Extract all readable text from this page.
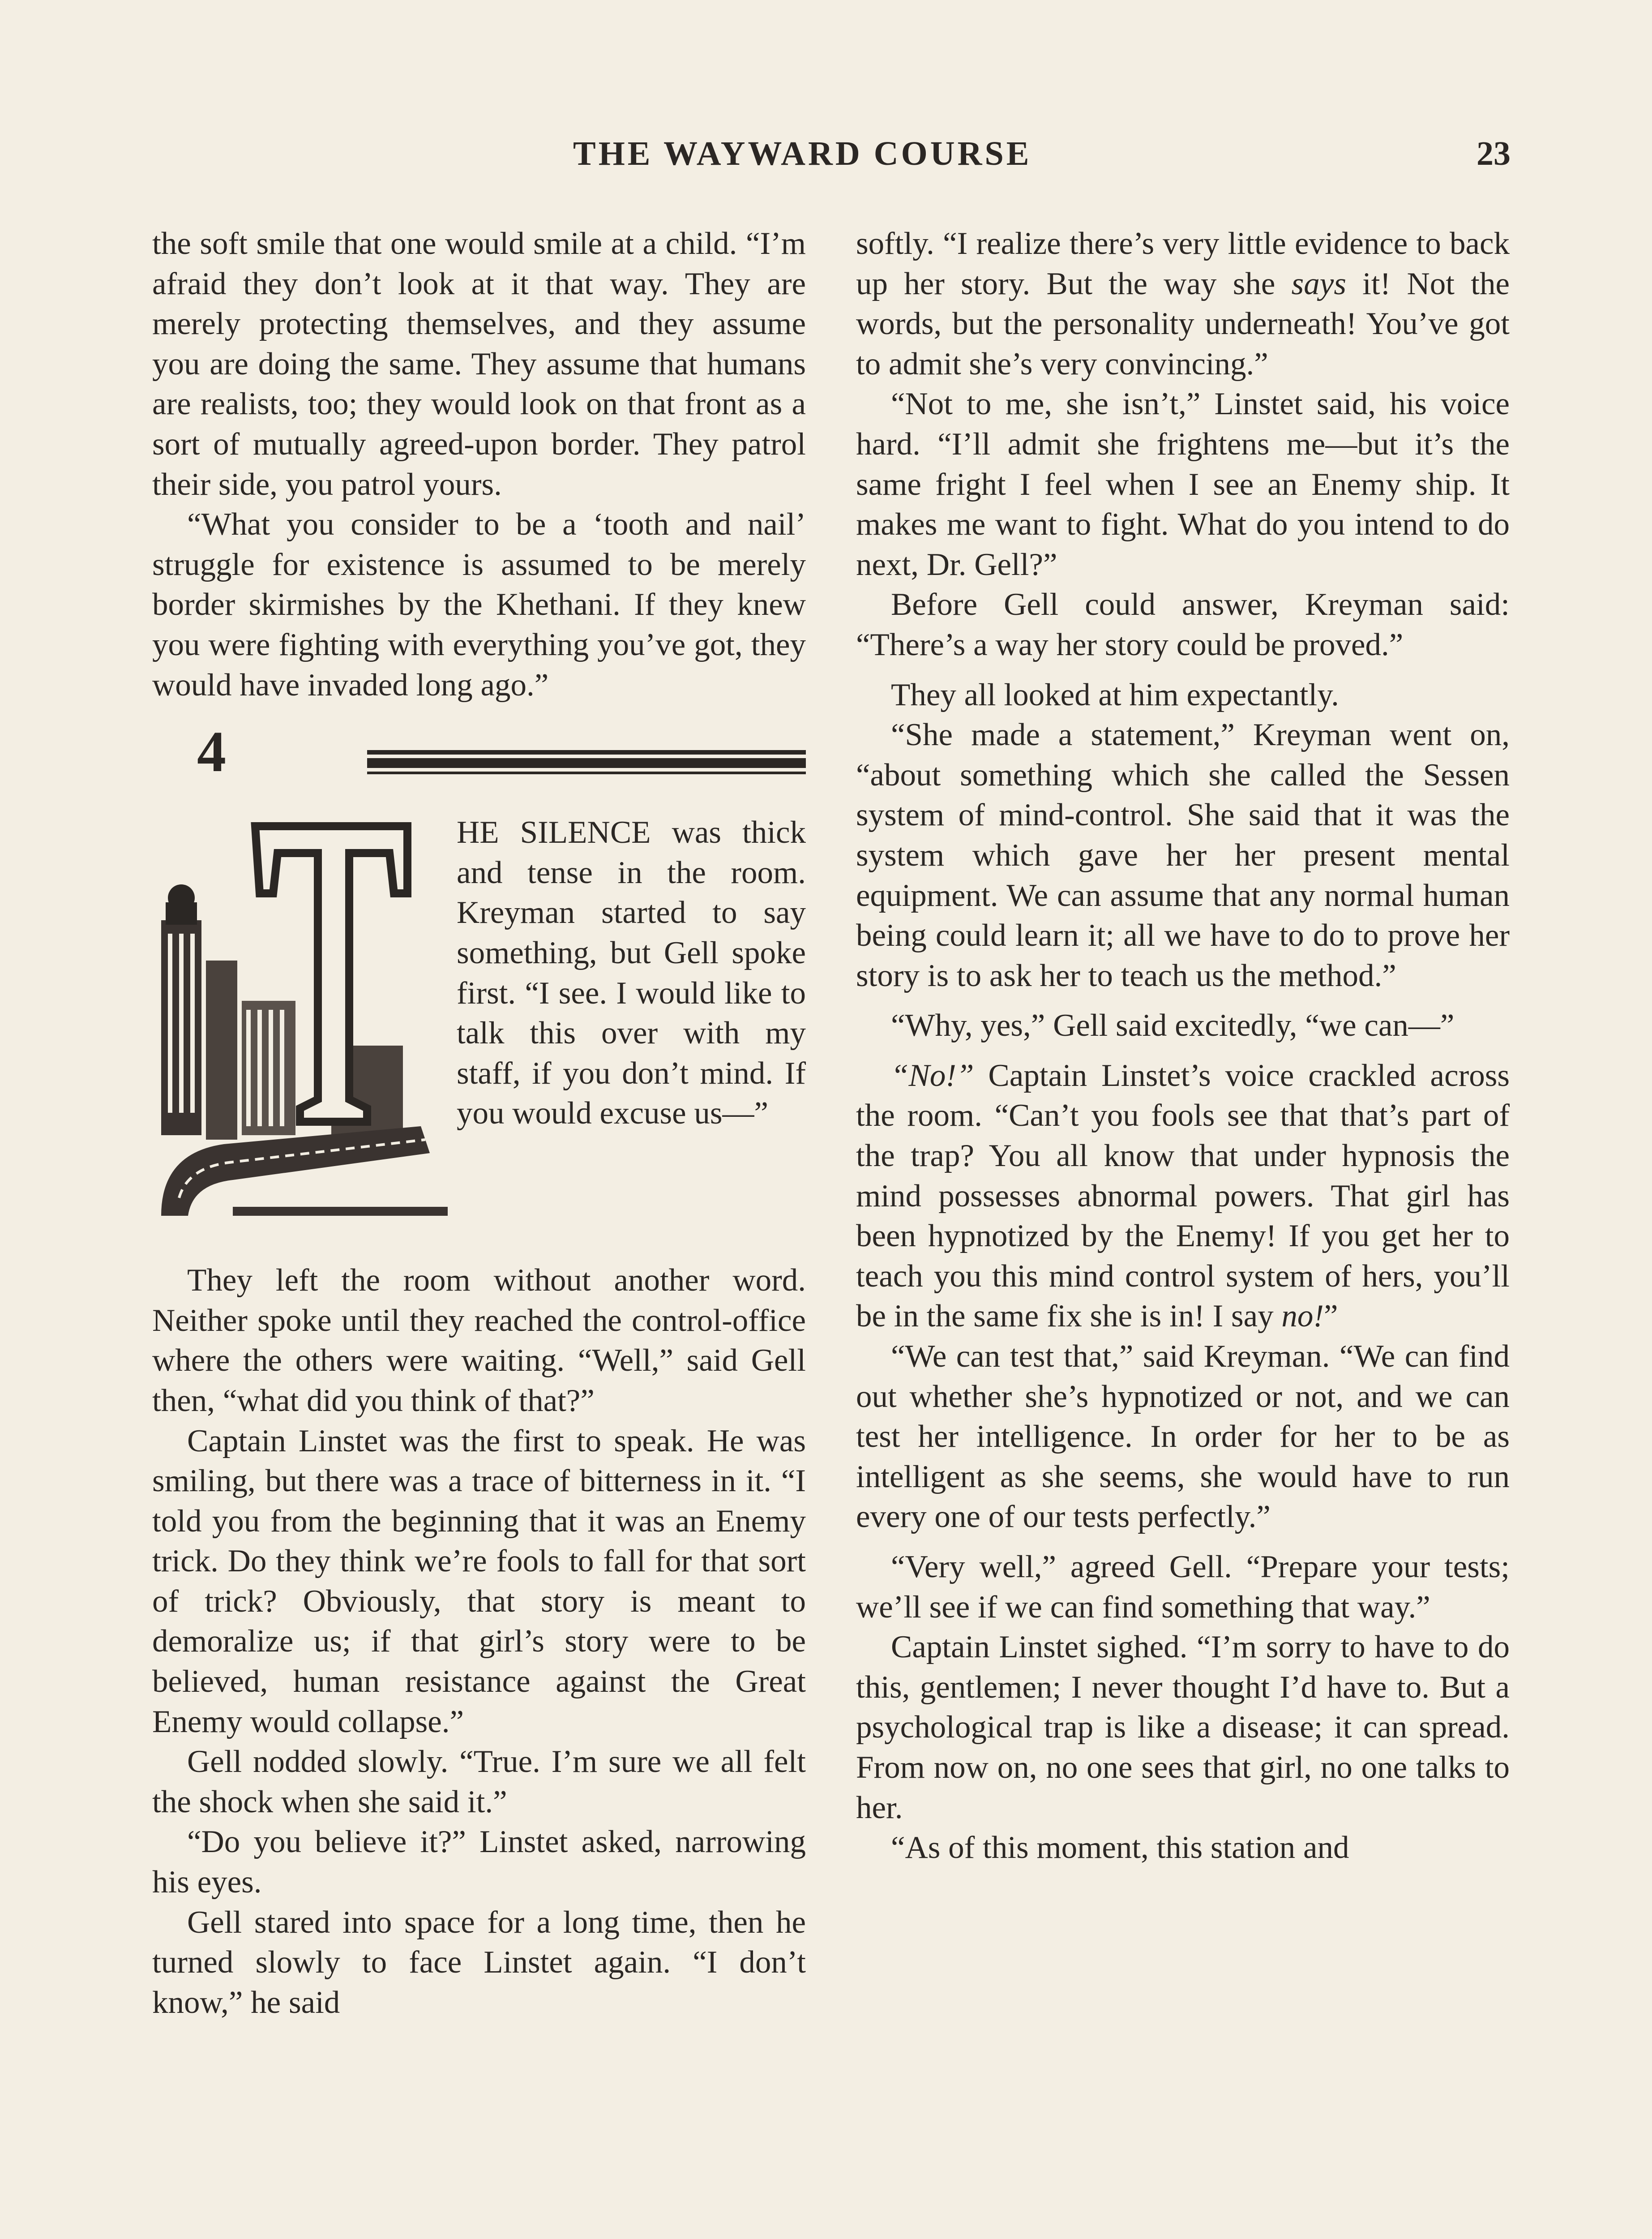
THE WAYWARD COURSE	23

the soft smile that one would smile at a child. “I’m afraid they don’t look at it that way. They are merely protecting themselves, and they assume you are doing the same. They assume that humans are realists, too; they would look on that front as a sort of mutually agreed-upon border. They patrol their side, you patrol yours.

“What you consider to be a ‘tooth and nail’ struggle for existence is assumed to be merely border skirmishes by the Khethani. If they knew you were fighting with everything you’ve got, they would have invaded long ago.”

4
HE SILENCE was thick and tense in the room. Kreyman started to say something, but Gell spoke first. “I see. I would like to talk this over with my staff, if you don’t mind. If you would excuse us—”

They left the room without another word. Neither spoke until they reached the control-office where the others were waiting. “Well,” said Gell then, “what did you think of that?”

Captain Linstet was the first to speak. He was smiling, but there was a trace of bitterness in it. “I told you from the beginning that it was an Enemy trick. Do they think we’re fools to fall for that sort of trick? Obviously, that story is meant to demoralize us; if that girl’s story were to be believed, human resistance against the Great Enemy would collapse.”

Gell nodded slowly. “True. I’m sure we all felt the shock when she said it.”

“Do you believe it?” Linstet asked, narrowing his eyes.

Gell stared into space for a long time, then he turned slowly to face Linstet again. “I don’t know,” he said

softly. “I realize there’s very little evidence to back up her story. But the way she says it! Not the words, but the personality underneath! You’ve got to admit she’s very convincing.”

“Not to me, she isn’t,” Linstet said, his voice hard. “I’ll admit she frightens me—but it’s the same fright I feel when I see an Enemy ship. It makes me want to fight. What do you intend to do next, Dr. Gell?”

Before Gell could answer, Kreyman said: “There’s a way her story could be proved.”

They all looked at him expectantly.

“She made a statement,” Kreyman went on, “about something which she called the Sessen system of mind-control. She said that it was the system which gave her her present mental equipment. We can assume that any normal human being could learn it; all we have to do to prove her story is to ask her to teach us the method.”

“Why, yes,” Gell said excitedly, “we can—”

“No!” Captain Linstet’s voice crackled across the room. “Can’t you fools see that that’s part of the trap? You all know that under hypnosis the mind possesses abnormal powers. That girl has been hypnotized by the Enemy! If you get her to teach you this mind control system of hers, you’ll be in the same fix she is in! I say no!”

“We can test that,” said Kreyman. “We can find out whether she’s hypnotized or not, and we can test her intelligence. In order for her to be as intelligent as she seems, she would have to run every one of our tests perfectly.”

“Very well,” agreed Gell. “Prepare your tests; we’ll see if we can find something that way.”

Captain Linstet sighed. “I’m sorry to have to do this, gentlemen; I never thought I’d have to. But a psychological trap is like a disease; it can spread. From now on, no one sees that girl, no one talks to her.

“As of this moment, this station and
